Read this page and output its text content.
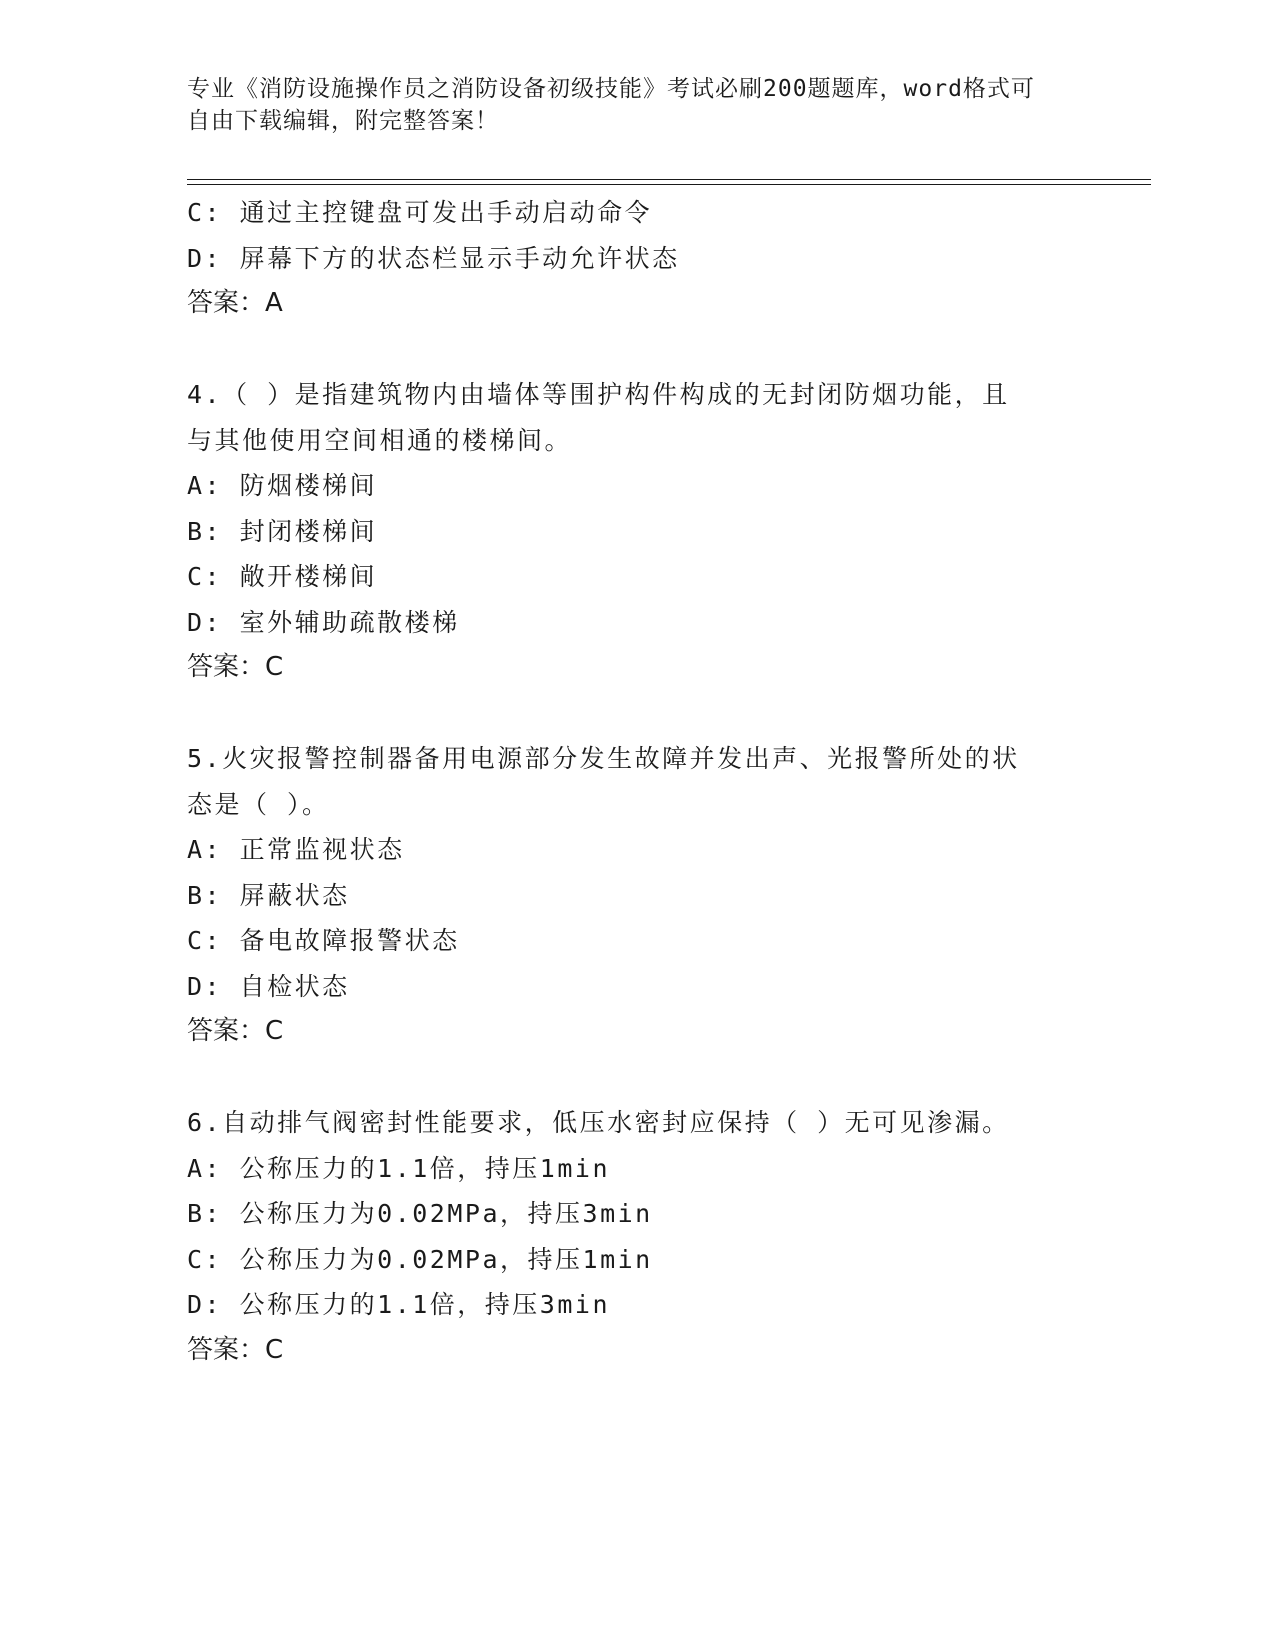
专业《消防设施操作员之消防设备初级技能》考试必刷200题题库，word格式可
自由下载编辑，附完整答案！
C: 通过主控键盘可发出手动启动命令
D: 屏幕下方的状态栏显示手动允许状态
答案：A
4.（ ）是指建筑物内由墙体等围护构件构成的无封闭防烟功能，且
与其他使用空间相通的楼梯间。
A: 防烟楼梯间
B: 封闭楼梯间
C: 敞开楼梯间
D: 室外辅助疏散楼梯
答案：C
5.火灾报警控制器备用电源部分发生故障并发出声、光报警所处的状
态是（ ）。
A: 正常监视状态
B: 屏蔽状态
C: 备电故障报警状态
D: 自检状态
答案：C
6.自动排气阀密封性能要求，低压水密封应保持（ ）无可见渗漏。
A: 公称压力的1.1倍，持压1min
B: 公称压力为0.02MPa，持压3min
C: 公称压力为0.02MPa，持压1min
D: 公称压力的1.1倍，持压3min
答案：C
